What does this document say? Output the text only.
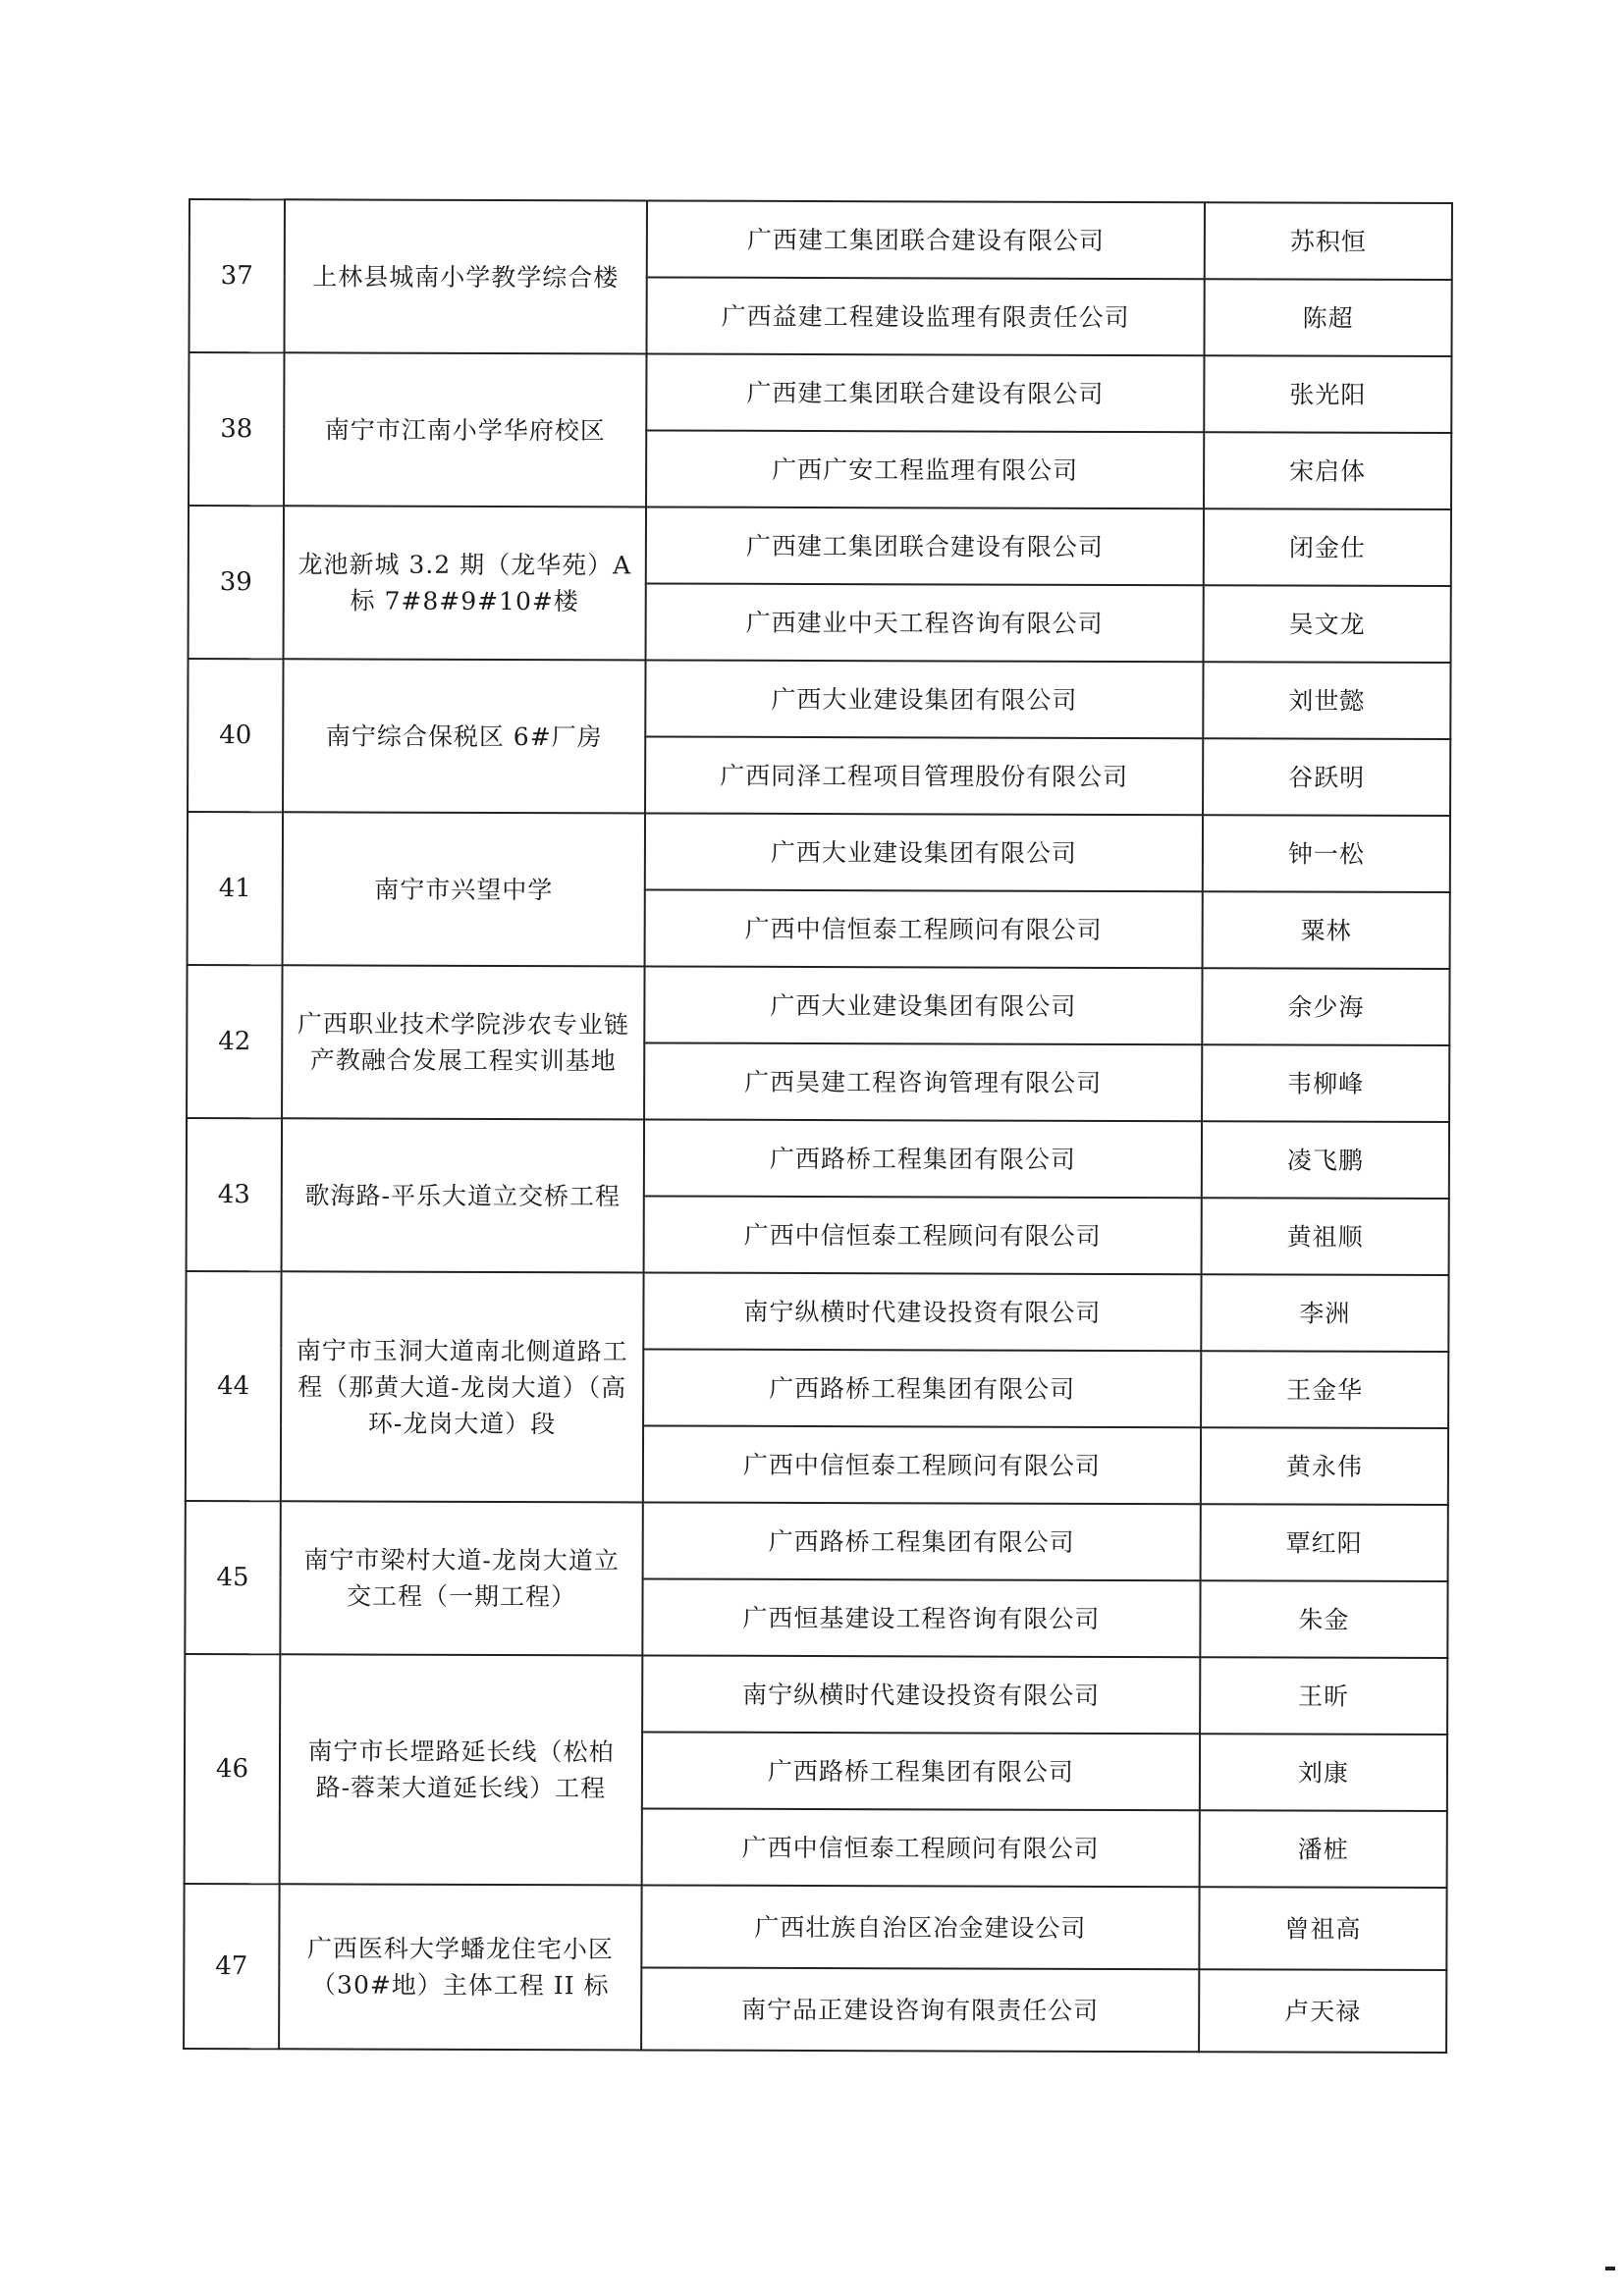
37	上林县城南小学教学综合楼	广西建工集团联合建设有限公司	苏积恒
		广西益建工程建设监理有限责任公司	陈超
38	南宁市江南小学华府校区	广西建工集团联合建设有限公司	张光阳
		广西广安工程监理有限公司	宋启体
39	龙池新城 3.2 期（龙华苑）A 标 7#8#9#10#楼	广西建工集团联合建设有限公司	闭金仕
		广西建业中天工程咨询有限公司	吴文龙
40	南宁综合保税区 6#厂房	广西大业建设集团有限公司	刘世懿
		广西同泽工程项目管理股份有限公司	谷跃明
41	南宁市兴望中学	广西大业建设集团有限公司	钟一松
		广西中信恒泰工程顾问有限公司	粟林
42	广西职业技术学院涉农专业链产教融合发展工程实训基地	广西大业建设集团有限公司	余少海
		广西昊建工程咨询管理有限公司	韦柳峰
43	歌海路-平乐大道立交桥工程	广西路桥工程集团有限公司	凌飞鹏
		广西中信恒泰工程顾问有限公司	黄祖顺
44	南宁市玉洞大道南北侧道路工程（那黄大道-龙岗大道）（高环-龙岗大道）段	南宁纵横时代建设投资有限公司	李洲
		广西路桥工程集团有限公司	王金华
		广西中信恒泰工程顾问有限公司	黄永伟
45	南宁市梁村大道-龙岗大道立交工程（一期工程）	广西路桥工程集团有限公司	覃红阳
		广西恒基建设工程咨询有限公司	朱金
46	南宁市长堽路延长线（松柏路-蓉茉大道延长线）工程	南宁纵横时代建设投资有限公司	王昕
		广西路桥工程集团有限公司	刘康
		广西中信恒泰工程顾问有限公司	潘桩
47	广西医科大学蟠龙住宅小区（30#地）主体工程 II 标	广西壮族自治区冶金建设公司	曾祖高
		南宁品正建设咨询有限责任公司	卢天禄
